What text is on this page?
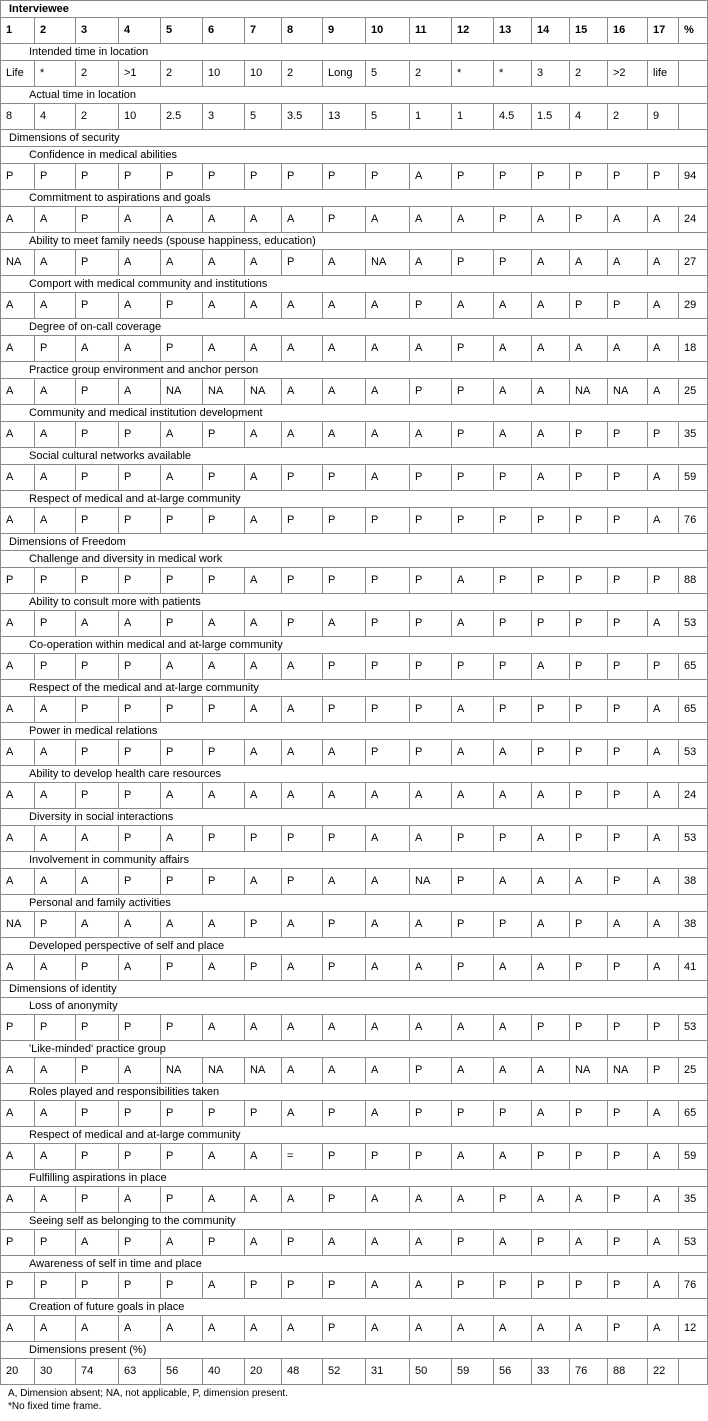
Interviewee
1	2	3	4	5	6	7	8	9	10	11	12	13	14	15	16	17	%
Intended time in location
Life	*	2	>1	2	10	10	2	Long	5	2	*	*	3	2	>2	life
Actual time in location
8	4	2	10	2.5	3	5	3.5	13	5	1	1	4.5	1.5	4	2	9
Dimensions of security
Confidence in medical abilities
P	P	P	P	P	P	P	P	P	P	A	P	P	P	P	P	P	94
Commitment to aspirations and goals
A	A	P	A	A	A	A	A	P	A	A	A	P	A	P	A	A	24
Ability to meet family needs (spouse happiness, education)
NA	A	P	A	A	A	A	P	A	NA	A	P	P	A	A	A	A	27
Comport with medical community and institutions
A	A	P	A	P	A	A	A	A	A	P	A	A	A	P	P	A	29
Degree of on-call coverage
A	P	A	A	P	A	A	A	A	A	A	P	A	A	A	A	A	18
Practice group environment and anchor person
A	A	P	A	NA	NA	NA	A	A	A	P	P	A	A	NA	NA	A	25
Community and medical institution development
A	A	P	P	A	P	A	A	A	A	A	P	A	A	P	P	P	35
Social cultural networks available
A	A	P	P	A	P	A	P	P	A	P	P	P	A	P	P	A	59
Respect of medical and at-large community
A	A	P	P	P	P	A	P	P	P	P	P	P	P	P	P	A	76
Dimensions of Freedom
Challenge and diversity in medical work
P	P	P	P	P	P	A	P	P	P	P	A	P	P	P	P	P	88
Ability to consult more with patients
A	P	A	A	P	A	A	P	A	P	P	A	P	P	P	P	A	53
Co-operation within medical and at-large community
A	P	P	P	A	A	A	A	P	P	P	P	P	A	P	P	P	65
Respect of the medical and at-large community
A	A	P	P	P	P	A	A	P	P	P	A	P	P	P	P	A	65
Power in medical relations
A	A	P	P	P	P	A	A	A	P	P	A	A	P	P	P	A	53
Ability to develop health care resources
A	A	P	P	A	A	A	A	A	A	A	A	A	A	P	P	A	24
Diversity in social interactions
A	A	A	P	A	P	P	P	P	A	A	P	P	A	P	P	A	53
Involvement in community affairs
A	A	A	P	P	P	A	P	A	A	NA	P	A	A	A	P	A	38
Personal and family activities
NA	P	A	A	A	A	P	A	P	A	A	P	P	A	P	A	A	38
Developed perspective of self and place
A	A	P	A	P	A	P	A	P	A	A	P	A	A	P	P	A	41
Dimensions of identity
Loss of anonymity
P	P	P	P	P	A	A	A	A	A	A	A	A	P	P	P	P	53
'Like-minded' practice group
A	A	P	A	NA	NA	NA	A	A	A	P	A	A	A	NA	NA	P	25
Roles played and responsibilities taken
A	A	P	P	P	P	P	A	P	A	P	P	P	A	P	P	A	65
Respect of medical and at-large community
A	A	P	P	P	A	A	=	P	P	P	A	A	P	P	P	A	59
Fulfilling aspirations in place
A	A	P	A	P	A	A	A	P	A	A	A	P	A	A	P	A	35
Seeing self as belonging to the community
P	P	A	P	A	P	A	P	A	A	A	P	A	P	A	P	A	53
Awareness of self in time and place
P	P	P	P	P	A	P	P	P	A	A	P	P	P	P	P	A	76
Creation of future goals in place
A	A	A	A	A	A	A	A	P	A	A	A	A	A	A	P	A	12
Dimensions present (%)
20	30	74	63	56	40	20	48	52	31	50	59	56	33	76	88	22
A, Dimension absent; NA, not applicable, P, dimension present.
*No fixed time frame.
